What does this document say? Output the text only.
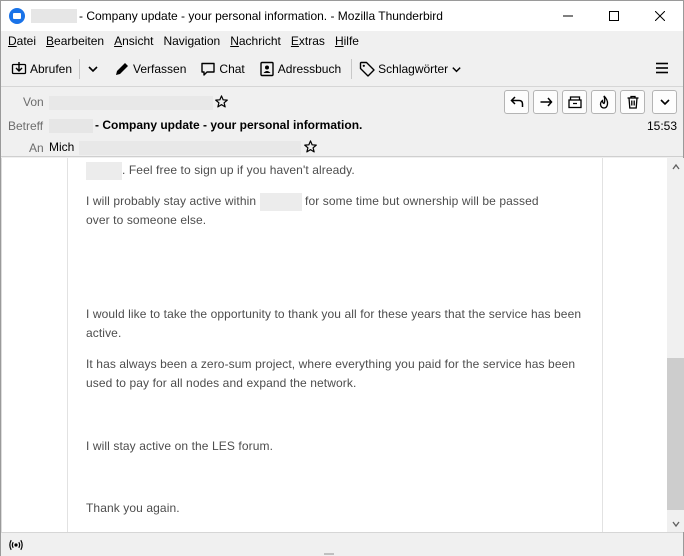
- Company update - your personal information. - Mozilla Thunderbird
Datei Bearbeiten Ansicht Navigation Nachricht Extras Hilfe
Abrufen	Verfassen	Chat	Adressbuch	Schlagwörter
Von
Betreff	- Company update - your personal information.	15:53
An Mich
. Feel free to sign up if you haven't already.
I will probably stay active within	for some time but ownership will be passed
over to someone else.
I would like to take the opportunity to thank you all for these years that the service has been active.
It has always been a zero-sum project, where everything you paid for the service has been used to pay for all nodes and expand the network.
I will stay active on the LES forum.
Thank you again.
